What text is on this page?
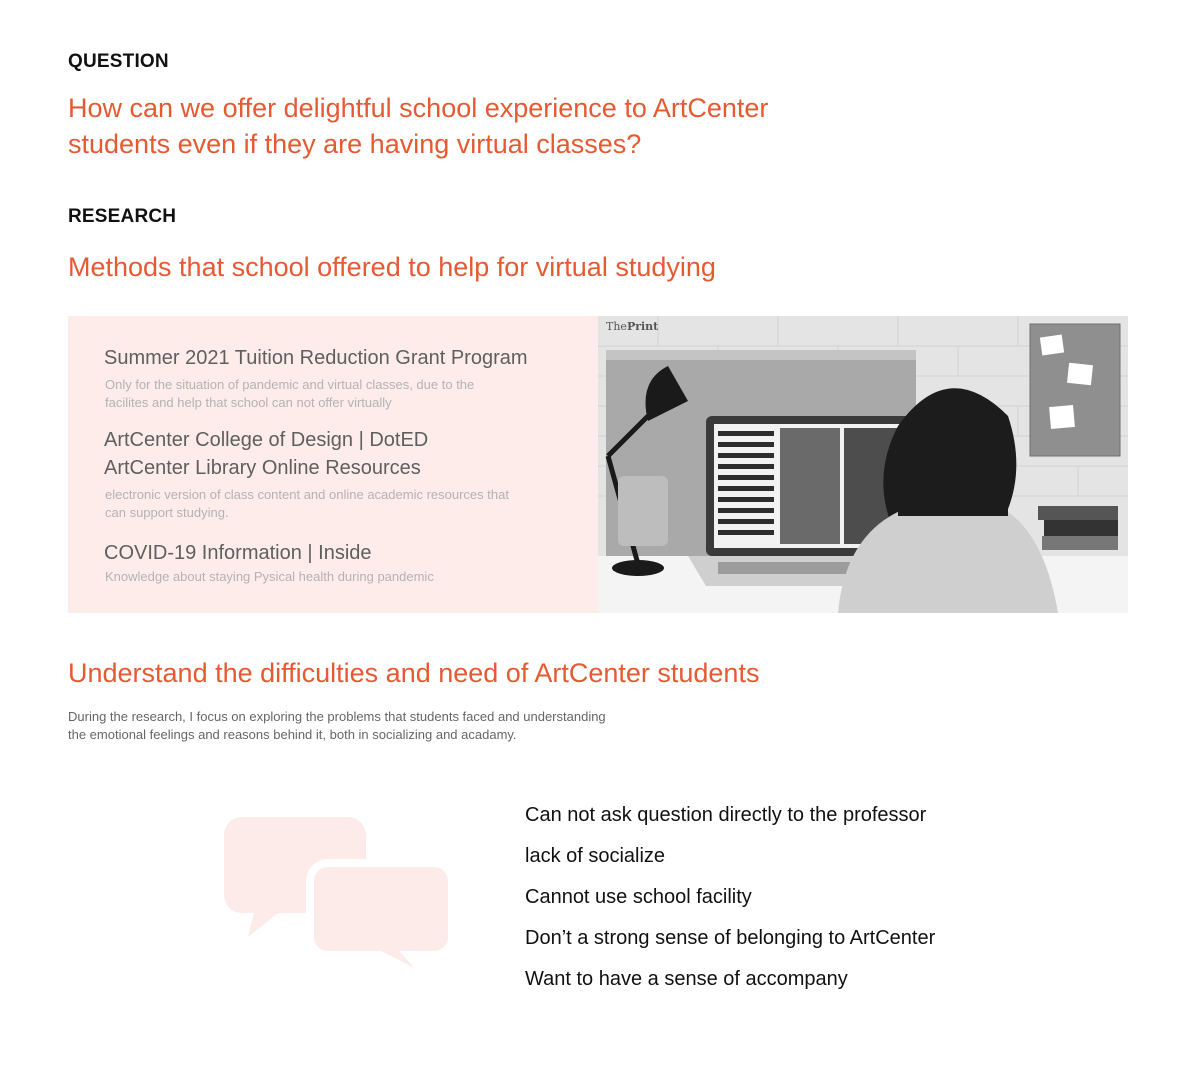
QUESTION
How can we offer delightful school experience to ArtCenter
students even if they are having virtual classes?
RESEARCH
Methods that school offered to help for virtual studying
Summer 2021 Tuition Reduction Grant Program
Only for the situation of pandemic and virtual classes, due to the
facilites and help that school can not offer virtually
ArtCenter College of Design | DotED
ArtCenter Library Online Resources
electronic version of class content and online academic resources that
can support studying.
COVID-19 Information | Inside
Knowledge about staying Pysical health during pandemic
ThePrint
Understand the difficulties and need of ArtCenter students
During the research, I focus on exploring the problems that students faced and understanding
the emotional feelings and reasons behind it, both in socializing and acadamy.
Can not ask question directly to the professor
lack of socialize
Cannot use school facility
Don’t a strong sense of belonging to ArtCenter
Want to have a sense of accompany
